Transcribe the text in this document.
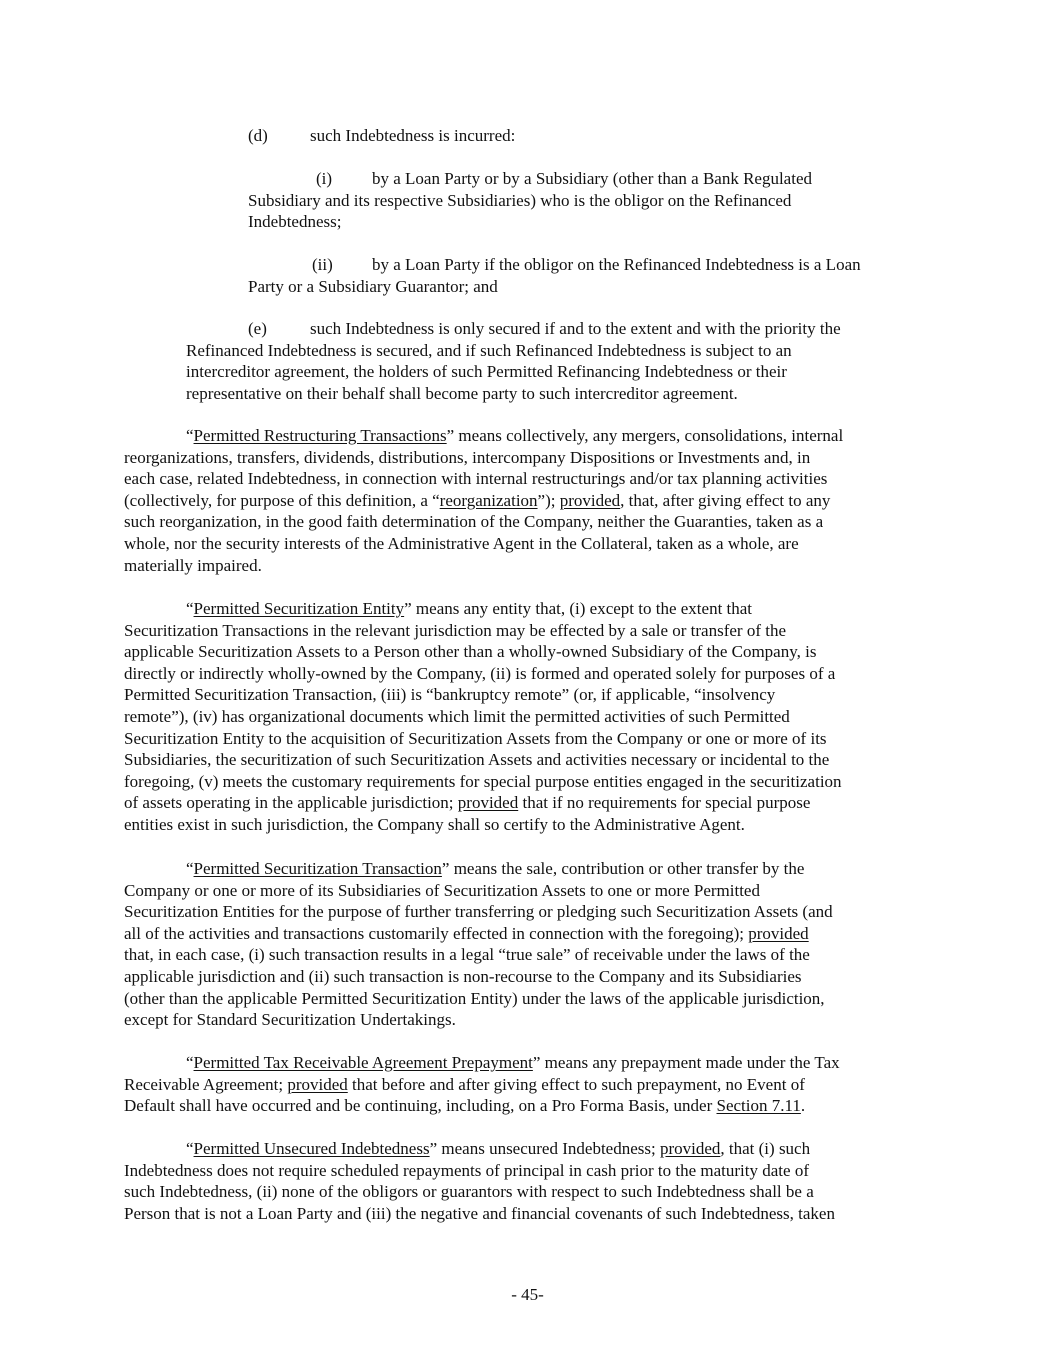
(d) such Indebtedness is incurred:
(i) by a Loan Party or by a Subsidiary (other than a Bank Regulated
Subsidiary and its respective Subsidiaries) who is the obligor on the Refinanced
Indebtedness;
(ii) by a Loan Party if the obligor on the Refinanced Indebtedness is a Loan
Party or a Subsidiary Guarantor; and
(e)	such Indebtedness is only secured if and to the extent and with the priority the
Refinanced Indebtedness is secured, and if such Refinanced Indebtedness is subject to an
intercreditor agreement, the holders of such Permitted Refinancing Indebtedness or their
representative on their behalf shall become party to such intercreditor agreement.
“Permitted Restructuring Transactions” means collectively, any mergers, consolidations, internal
reorganizations, transfers, dividends, distributions, intercompany Dispositions or Investments and, in
each case, related Indebtedness, in connection with internal restructurings and/or tax planning activities
(collectively, for purpose of this definition, a “reorganization”); provided, that, after giving effect to any
such reorganization, in the good faith determination of the Company, neither the Guaranties, taken as a
whole, nor the security interests of the Administrative Agent in the Collateral, taken as a whole, are
materially impaired.
“Permitted Securitization Entity” means any entity that, (i) except to the extent that
Securitization Transactions in the relevant jurisdiction may be effected by a sale or transfer of the
applicable Securitization Assets to a Person other than a wholly-owned Subsidiary of the Company, is
directly or indirectly wholly-owned by the Company, (ii) is formed and operated solely for purposes of a
Permitted Securitization Transaction, (iii) is “bankruptcy remote” (or, if applicable, “insolvency
remote”), (iv) has organizational documents which limit the permitted activities of such Permitted
Securitization Entity to the acquisition of Securitization Assets from the Company or one or more of its
Subsidiaries, the securitization of such Securitization Assets and activities necessary or incidental to the
foregoing, (v) meets the customary requirements for special purpose entities engaged in the securitization
of assets operating in the applicable jurisdiction; provided that if no requirements for special purpose
entities exist in such jurisdiction, the Company shall so certify to the Administrative Agent.
“Permitted Securitization Transaction” means the sale, contribution or other transfer by the
Company or one or more of its Subsidiaries of Securitization Assets to one or more Permitted
Securitization Entities for the purpose of further transferring or pledging such Securitization Assets (and
all of the activities and transactions customarily effected in connection with the foregoing); provided
that, in each case, (i) such transaction results in a legal “true sale” of receivable under the laws of the
applicable jurisdiction and (ii) such transaction is non-recourse to the Company and its Subsidiaries
(other than the applicable Permitted Securitization Entity) under the laws of the applicable jurisdiction,
except for Standard Securitization Undertakings.
“Permitted Tax Receivable Agreement Prepayment” means any prepayment made under the Tax
Receivable Agreement; provided that before and after giving effect to such prepayment, no Event of
Default shall have occurred and be continuing, including, on a Pro Forma Basis, under Section 7.11.
“Permitted Unsecured Indebtedness” means unsecured Indebtedness; provided, that (i) such
Indebtedness does not require scheduled repayments of principal in cash prior to the maturity date of
such Indebtedness, (ii) none of the obligors or guarantors with respect to such Indebtedness shall be a
Person that is not a Loan Party and (iii) the negative and financial covenants of such Indebtedness, taken
- 45-
